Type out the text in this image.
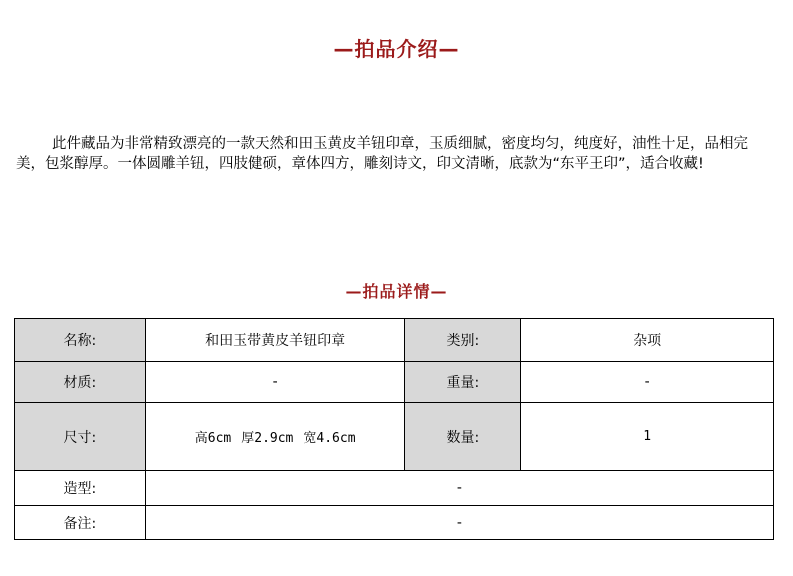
—拍品介绍—

此件藏品为非常精致漂亮的一款天然和田玉黄皮羊钮印章，玉质细腻，密度均匀，纯度好，油性十足，品相完美，包浆醇厚。一体圆雕羊钮，四肢健硕，章体四方，雕刻诗文，印文清晰，底款为“东平王印”，适合收藏!

—拍品详情—
名称:	和田玉带黄皮羊钮印章	类别:	杂项
材质:	-	重量:	-
尺寸:	高6cm 厚2.9cm 宽4.6cm	数量:	1
造型:	-		
备注:	-		
